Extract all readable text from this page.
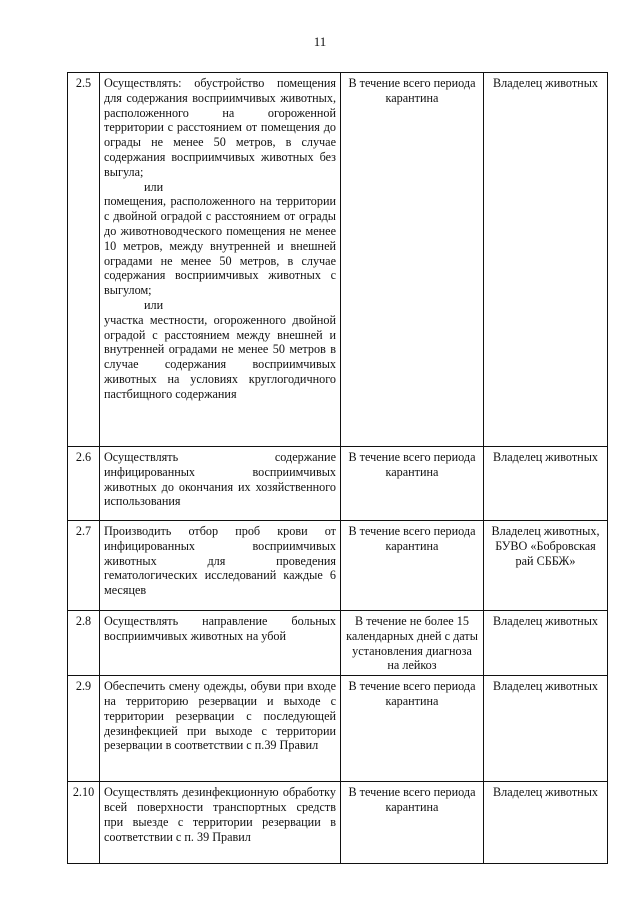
11
2.5	Осуществлять: обустройство помещения для содержания восприимчивых животных, расположенного на огороженной территории с расстоянием от помещения до ограды не менее 50 метров, в случае содержания восприимчивых животных без выгула;
или
помещения, расположенного на территории с двойной оградой с расстоянием от ограды до животноводческого помещения не менее 10 метров, между внутренней и внешней оградами не менее 50 метров, в случае содержания восприимчивых животных с выгулом;
или
участка местности, огороженного двойной оградой с расстоянием между внешней и внутренней оградами не менее 50 метров в случае содержания восприимчивых животных на условиях круглогодичного пастбищного содержания	В течение всего периода карантина	Владелец животных
2.6	Осуществлять содержание инфицированных восприимчивых животных до окончания их хозяйственного использования	В течение всего периода карантина	Владелец животных
2.7	Производить отбор проб крови от инфицированных восприимчивых животных для проведения гематологических исследований каждые 6 месяцев	В течение всего периода карантина	Владелец животных, БУВО «Бобровская рай СББЖ»
2.8	Осуществлять направление больных восприимчивых животных на убой	В течение не более 15 календарных дней с даты установления диагноза на лейкоз	Владелец животных
2.9	Обеспечить смену одежды, обуви при входе на территорию резервации и выходе с территории резервации с последующей дезинфекцией при выходе с территории резервации в соответствии с п.39 Правил	В течение всего периода карантина	Владелец животных
2.10	Осуществлять дезинфекционную обработку всей поверхности транспортных средств при выезде с территории резервации в соответствии с п. 39 Правил	В течение всего периода карантина	Владелец животных
